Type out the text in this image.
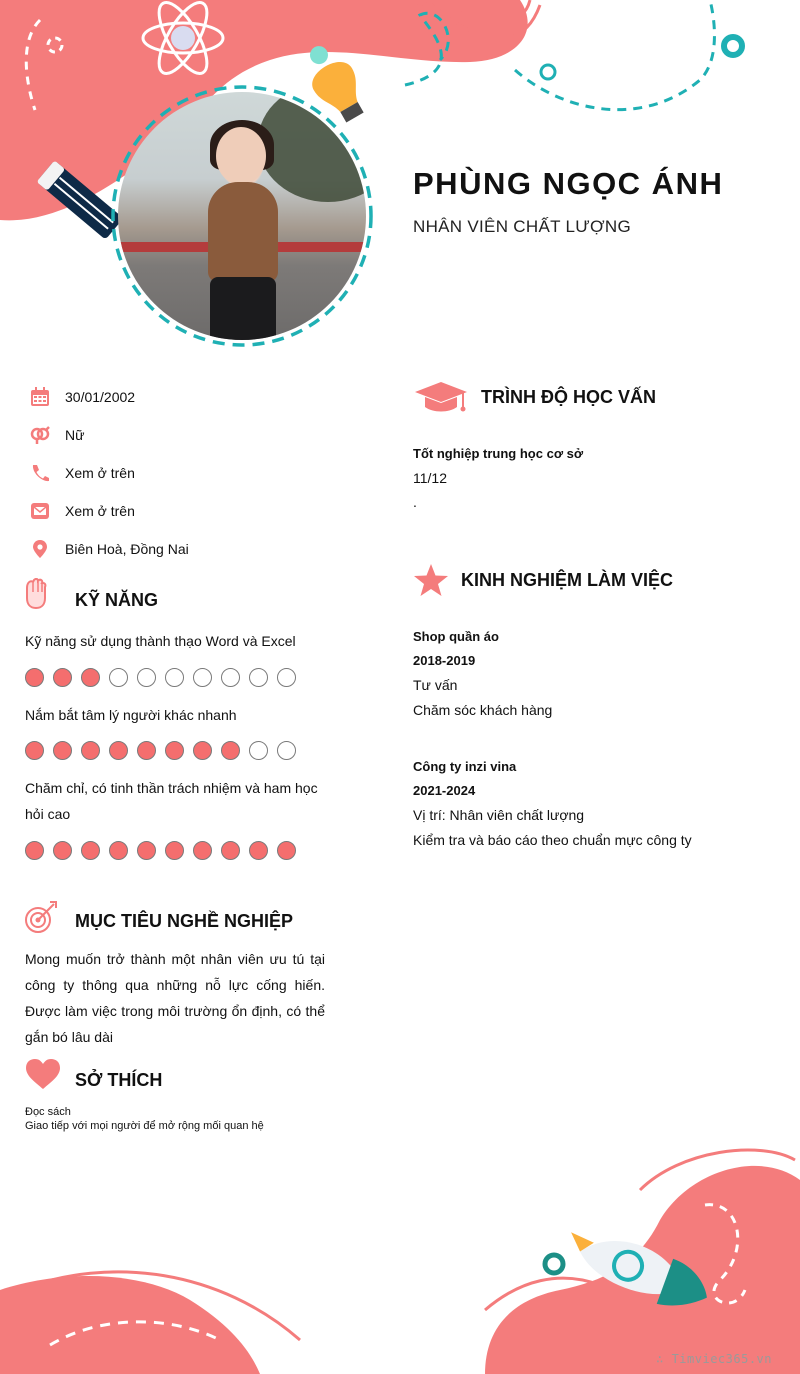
PHÙNG NGỌC ÁNH
NHÂN VIÊN CHẤT LƯỢNG
30/01/2002
Nữ
Xem ở trên
Xem ở trên
Biên Hoà, Đồng Nai
KỸ NĂNG
Kỹ năng sử dụng thành thạo Word và Excel
Nắm bắt tâm lý người khác nhanh
Chăm chỉ, có tinh thần trách nhiệm và ham học hỏi cao
MỤC TIÊU NGHỀ NGHIỆP
Mong muốn trở thành một nhân viên ưu tú tại công ty thông qua những nỗ lực cống hiến. Được làm việc trong môi trường ổn định, có thể gắn bó lâu dài
SỞ THÍCH
Đọc sách
Giao tiếp với mọi người để mở rộng mối quan hệ
TRÌNH ĐỘ HỌC VẤN
Tốt nghiệp trung học cơ sở
11/12
.
KINH NGHIỆM LÀM VIỆC
Shop quần áo
2018-2019
Tư vấn
Chăm sóc khách hàng
Công ty inzi vina
2021-2024
Vị trí: Nhân viên chất lượng
Kiểm tra và báo cáo theo chuẩn mực công ty
∴ Timviec365.vn
